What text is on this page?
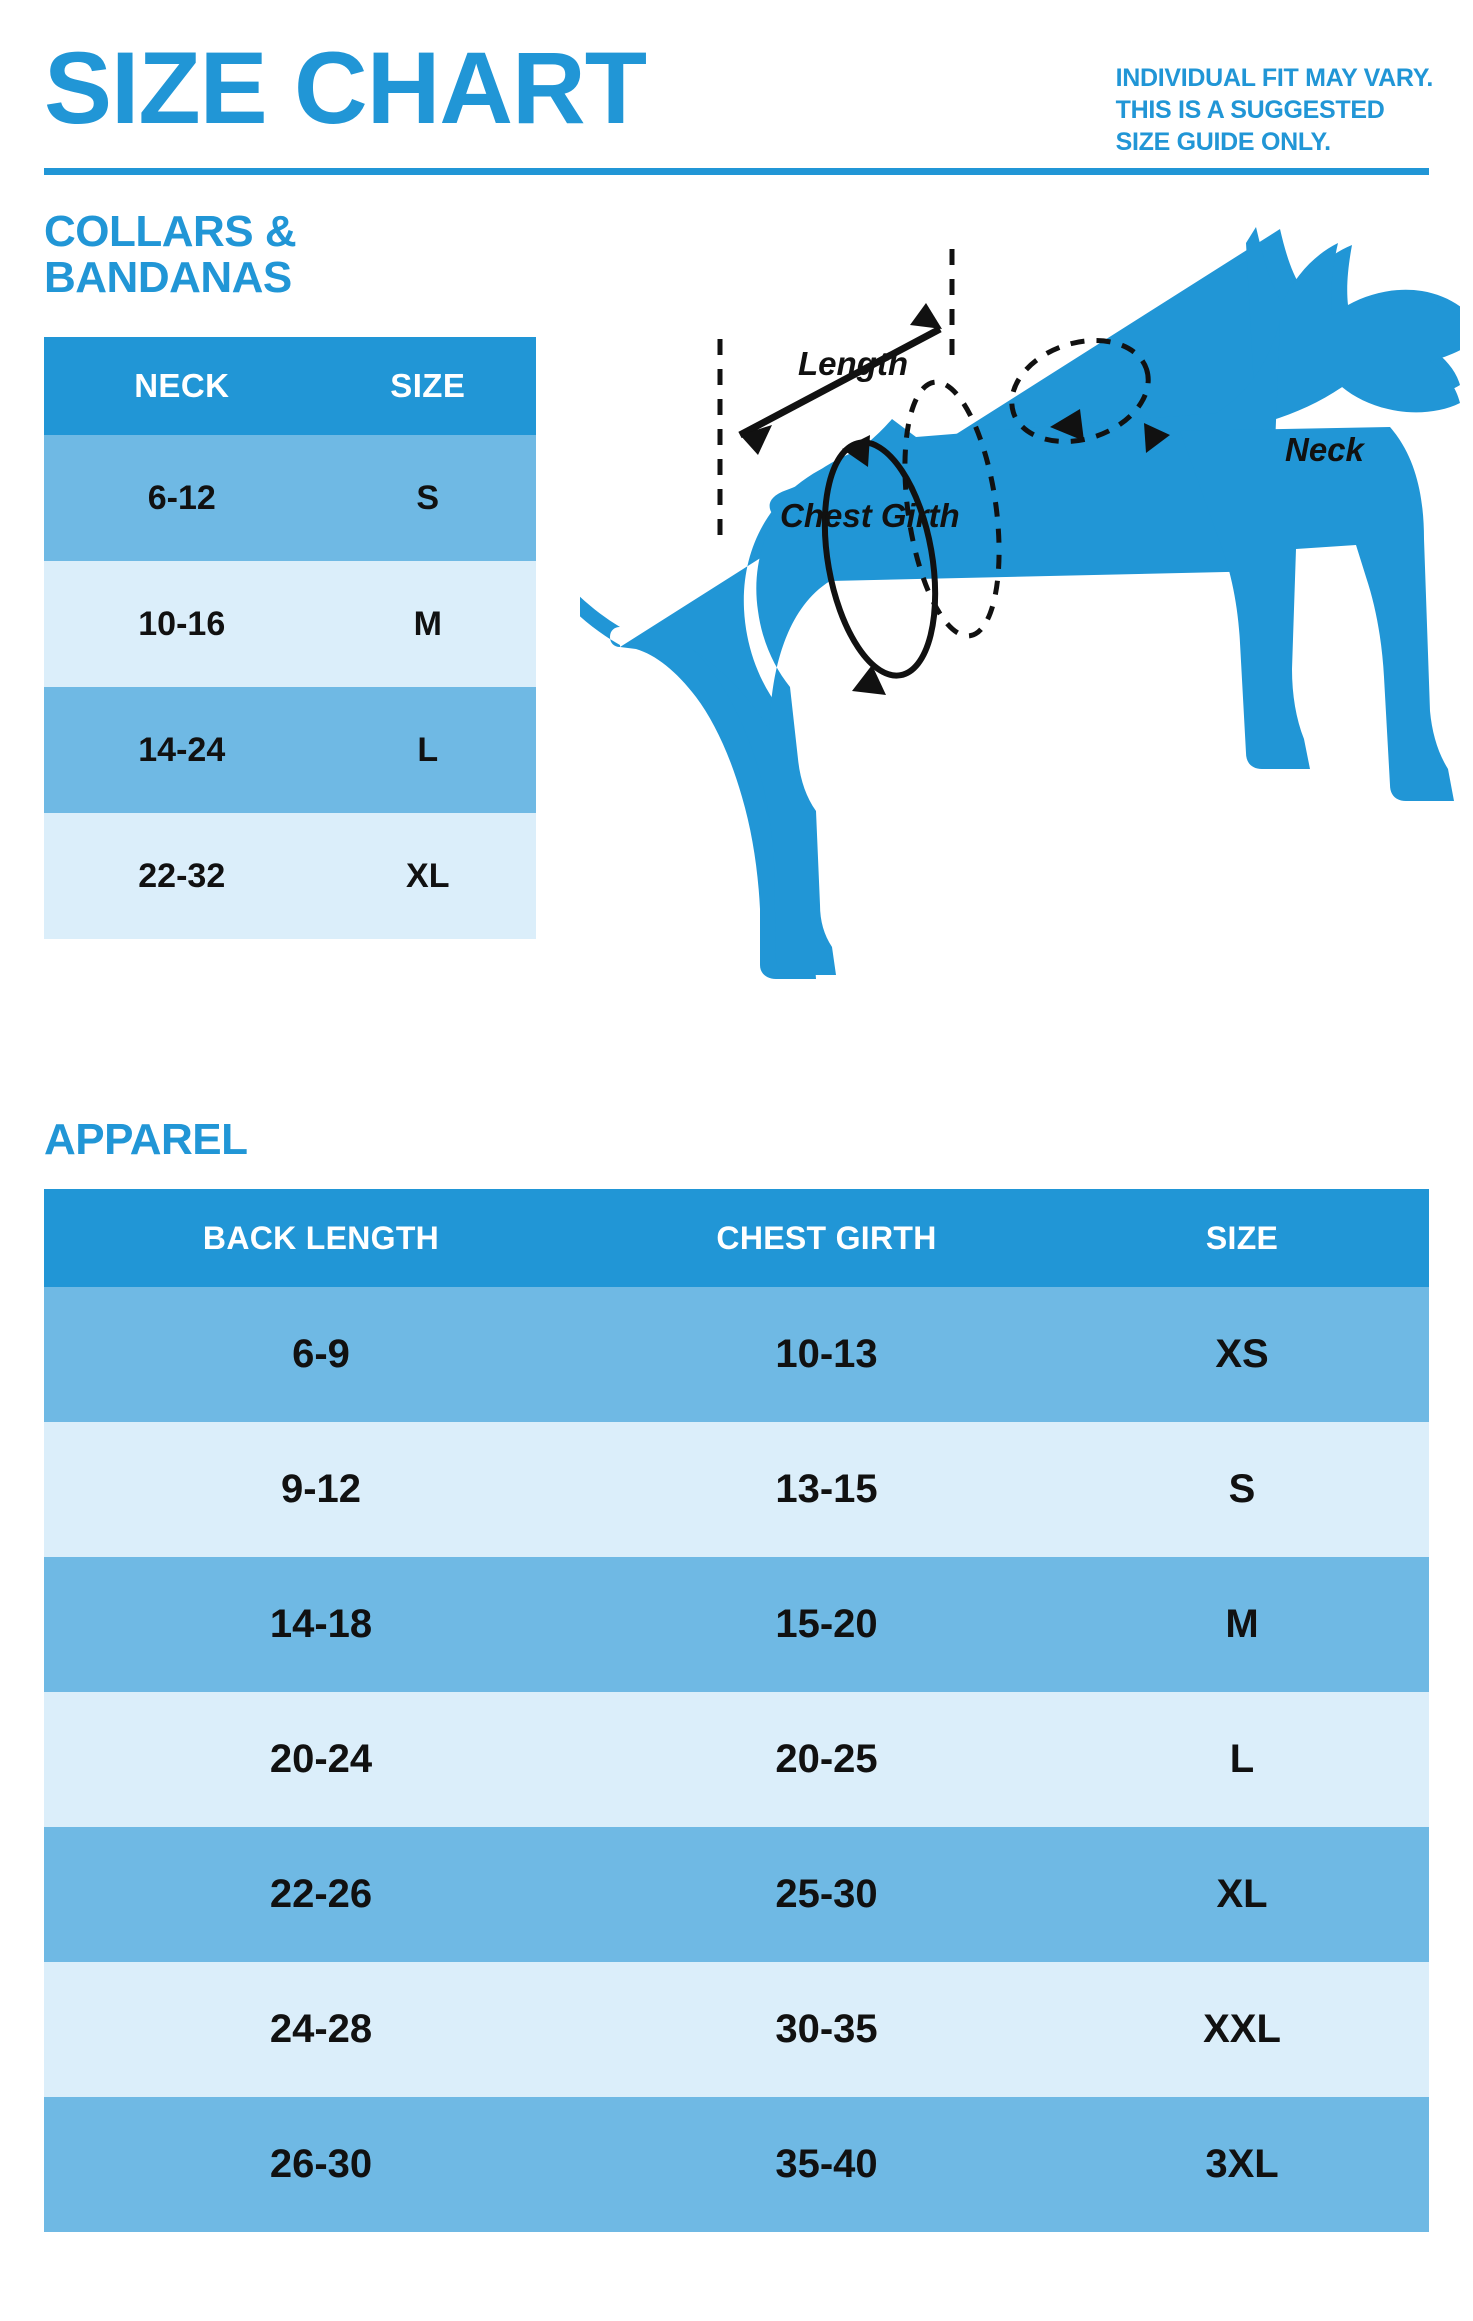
SIZE CHART	INDIVIDUAL FIT MAY VARY.
THIS IS A SUGGESTED
SIZE GUIDE ONLY.
COLLARS &
BANDANAS
NECK	SIZE
6-12	S
10-16	M
14-24	L
22-32	XL
Length
Chest Girth
Neck
APPAREL
BACK LENGTH	CHEST GIRTH	SIZE
6-9	10-13	XS
9-12	13-15	S
14-18	15-20	M
20-24	20-25	L
22-26	25-30	XL
24-28	30-35	XXL
26-30	35-40	3XL
